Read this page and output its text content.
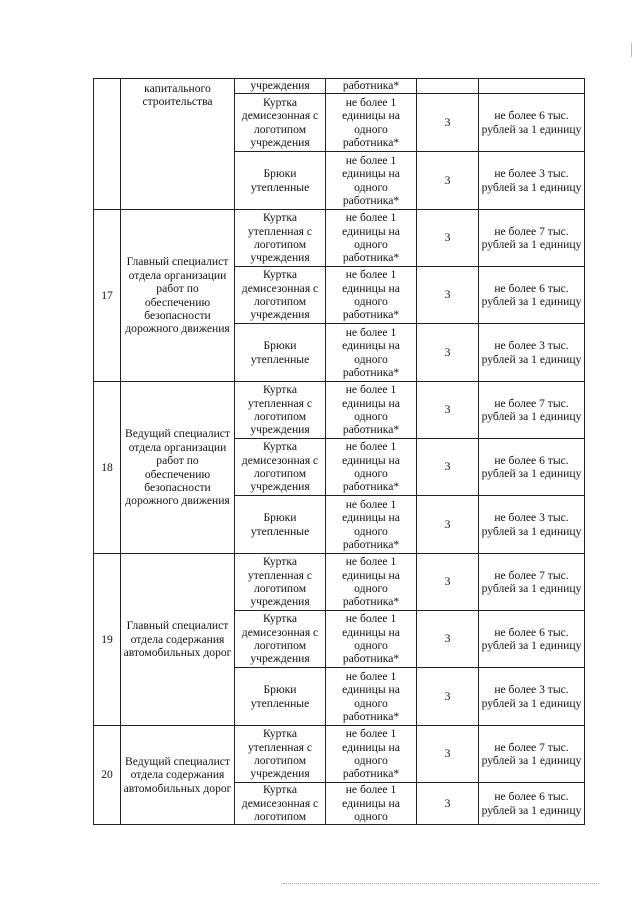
	капитального строительства	учреждения	работника*		
		Куртка демисезонная с логотипом учреждения	не более 1 единицы на одного работника*	3	не более 6 тыс. рублей за 1 единицу
		Брюки утепленные	не более 1 единицы на одного работника*	3	не более 3 тыс. рублей за 1 единицу
17	Главный специалист отдела организации работ по обеспечению безопасности дорожного движения	Куртка утепленная с логотипом учреждения	не более 1 единицы на одного работника*	3	не более 7 тыс. рублей за 1 единицу
		Куртка демисезонная с логотипом учреждения	не более 1 единицы на одного работника*	3	не более 6 тыс. рублей за 1 единицу
		Брюки утепленные	не более 1 единицы на одного работника*	3	не более 3 тыс. рублей за 1 единицу
18	Ведущий специалист отдела организации работ по обеспечению безопасности дорожного движения	Куртка утепленная с логотипом учреждения	не более 1 единицы на одного работника*	3	не более 7 тыс. рублей за 1 единицу
		Куртка демисезонная с логотипом учреждения	не более 1 единицы на одного работника*	3	не более 6 тыс. рублей за 1 единицу
		Брюки утепленные	не более 1 единицы на одного работника*	3	не более 3 тыс. рублей за 1 единицу
19	Главный специалист отдела содержания автомобильных дорог	Куртка утепленная с логотипом учреждения	не более 1 единицы на одного работника*	3	не более 7 тыс. рублей за 1 единицу
		Куртка демисезонная с логотипом учреждения	не более 1 единицы на одного работника*	3	не более 6 тыс. рублей за 1 единицу
		Брюки утепленные	не более 1 единицы на одного работника*	3	не более 3 тыс. рублей за 1 единицу
20	Ведущий специалист отдела содержания автомобильных дорог	Куртка утепленная с логотипом учреждения	не более 1 единицы на одного работника*	3	не более 7 тыс. рублей за 1 единицу
		Куртка демисезонная с логотипом	не более 1 единицы на одного	3	не более 6 тыс. рублей за 1 единицу
